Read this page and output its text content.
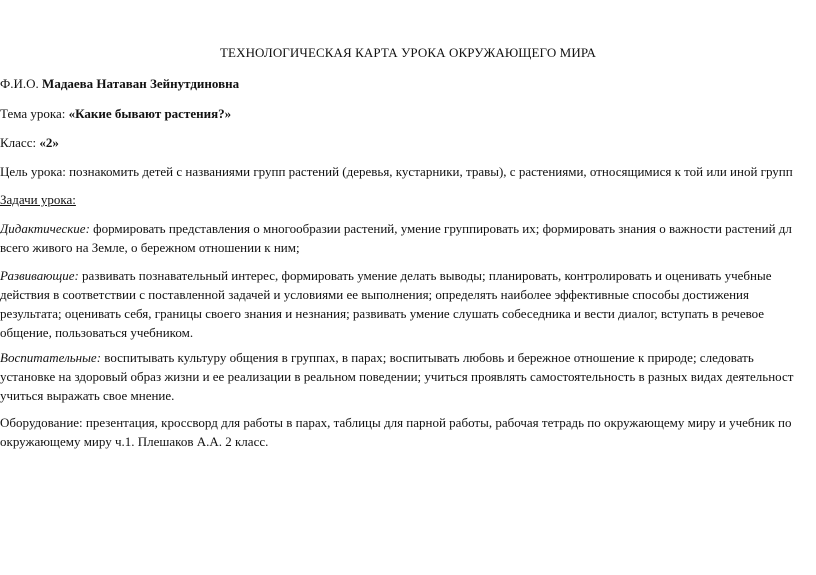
ТЕХНОЛОГИЧЕСКАЯ КАРТА УРОКА ОКРУЖАЮЩЕГО МИРА
Ф.И.О. Мадаева Натаван Зейнутдиновна
Тема урока: «Какие бывают растения?»
Класс: «2»
Цель урока: познакомить детей с названиями групп растений (деревья, кустарники, травы), с растениями, относящимися к той или иной групп
Задачи урока:
Дидактические: формировать представления о многообразии растений, умение группировать их; формировать знания о важности растений дл
всего живого на Земле, о бережном отношении к ним;
Развивающие: развивать познавательный интерес, формировать умение делать выводы; планировать, контролировать и оценивать учебные
действия в соответствии с поставленной задачей и условиями ее выполнения; определять наиболее эффективные способы достижения
результата; оценивать себя, границы своего знания и незнания; развивать умение слушать собеседника и вести диалог, вступать в речевое
общение, пользоваться учебником.
Воспитательные: воспитывать культуру общения в группах, в парах; воспитывать любовь и бережное отношение к природе; следовать
установке на здоровый образ жизни и ее реализации в реальном поведении; учиться проявлять самостоятельность в разных видах деятельност
учиться выражать свое мнение.
Оборудование: презентация, кроссворд для работы в парах, таблицы для парной работы, рабочая тетрадь по окружающему миру и учебник по
окружающему миру ч.1. Плешаков А.А. 2 класс.
